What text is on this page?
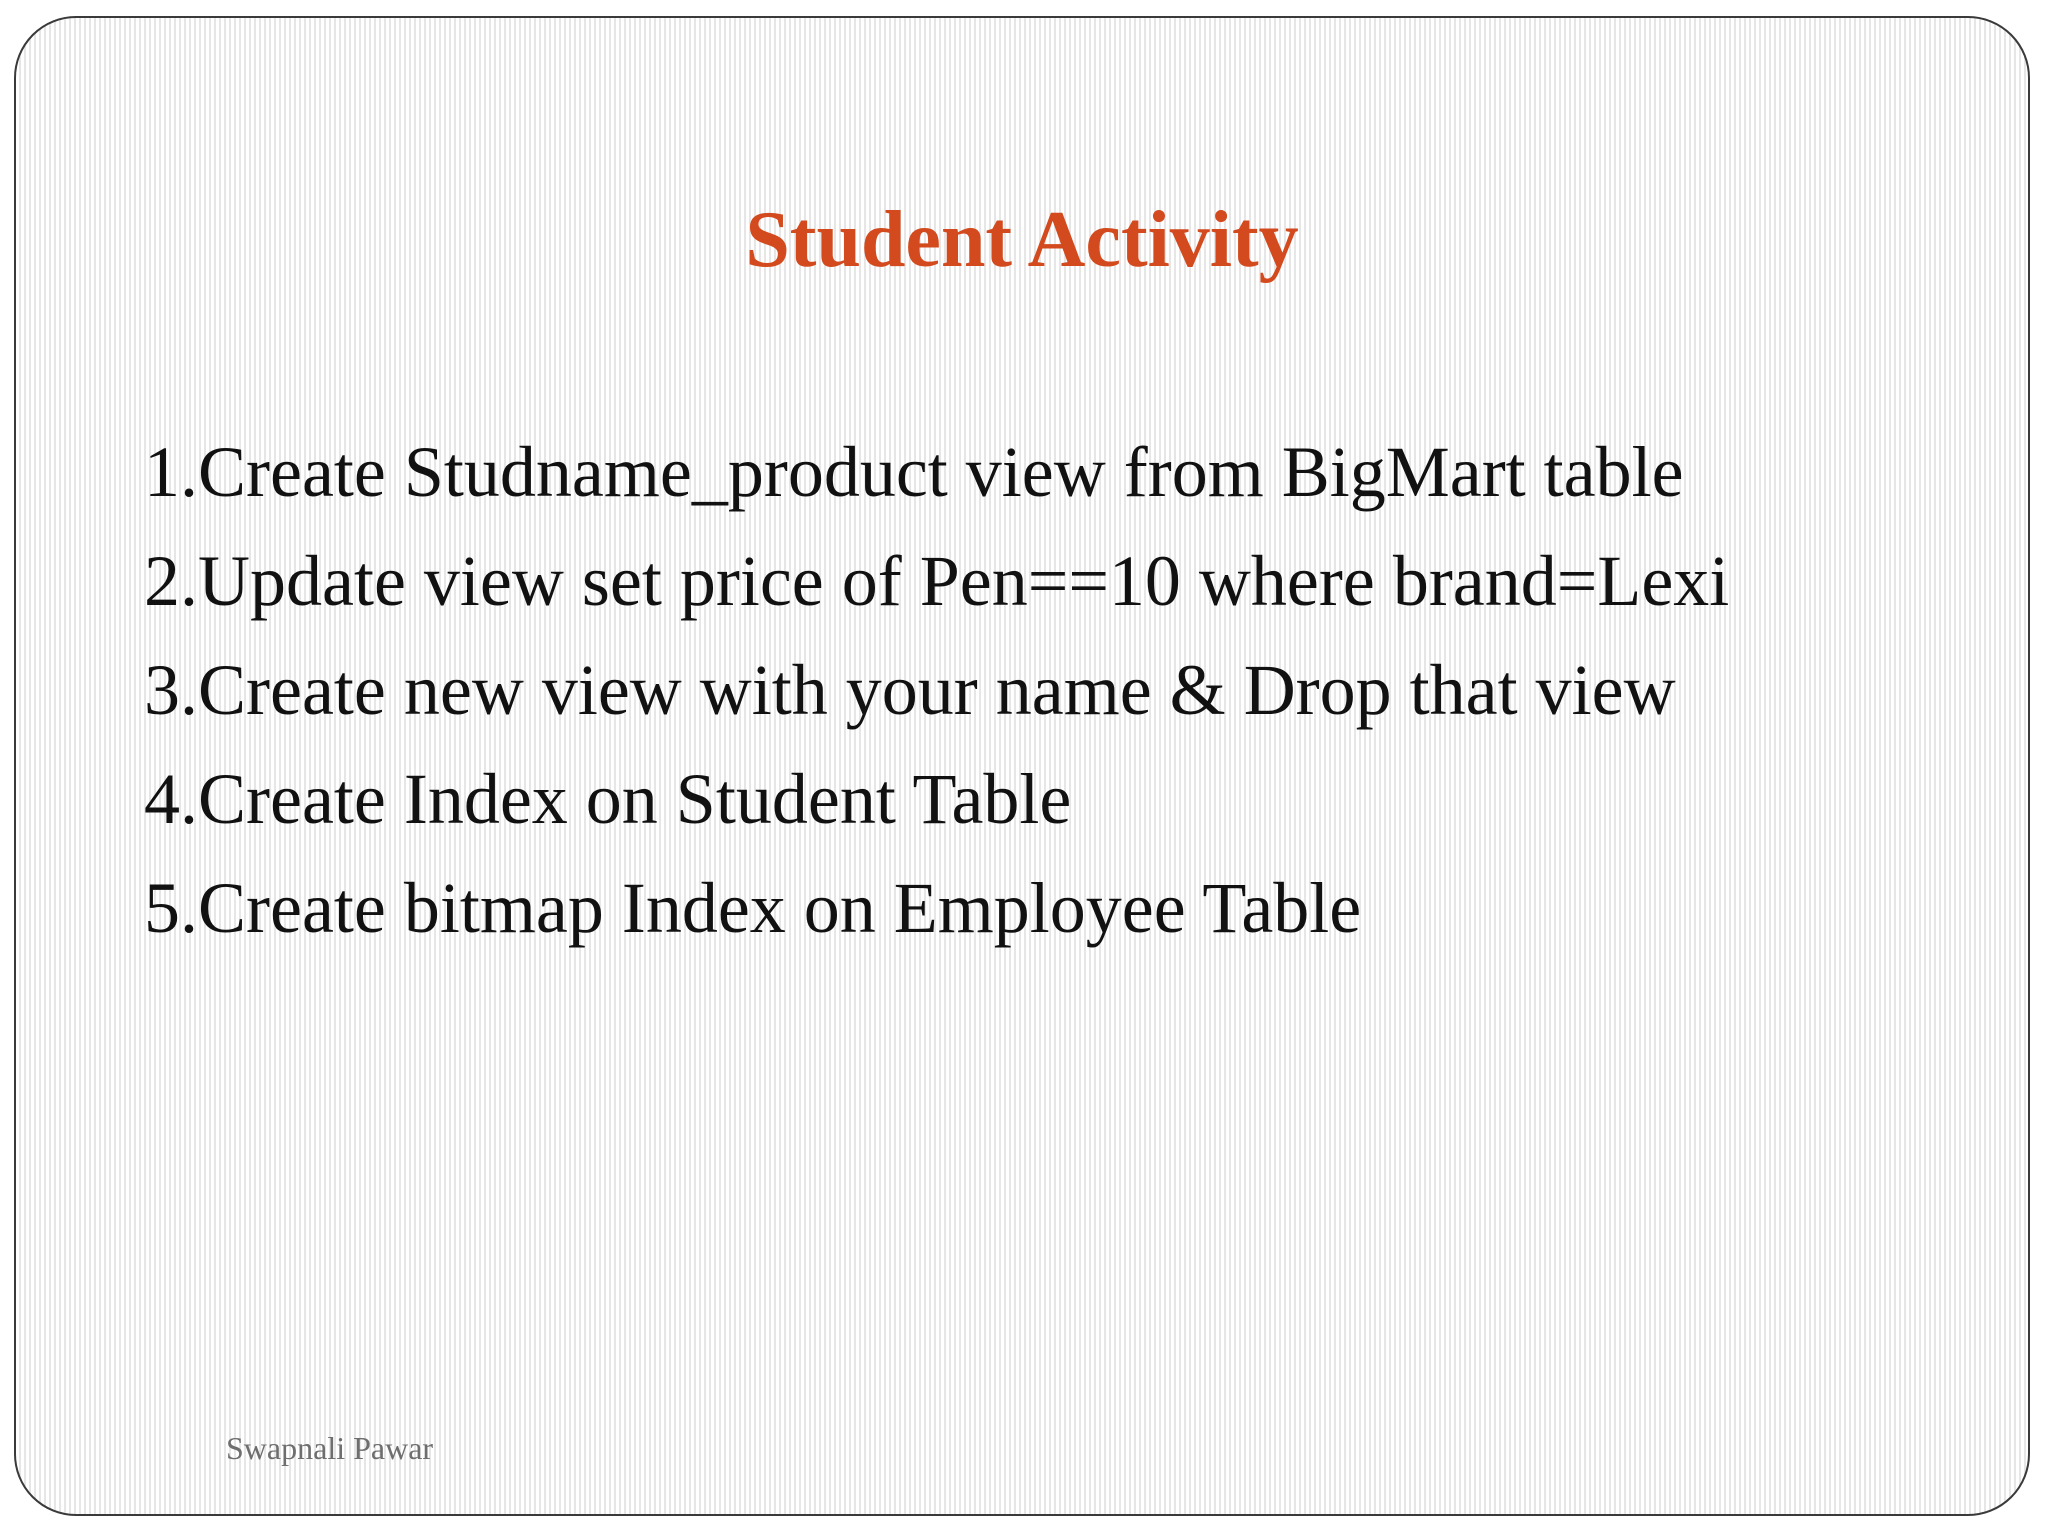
Student Activity
1.Create Studname_product view from BigMart table
2.Update view set price of Pen==10 where brand=Lexi
3.Create new view with your name & Drop that view
4.Create Index on Student Table
5.Create bitmap Index on Employee Table
Swapnali Pawar
